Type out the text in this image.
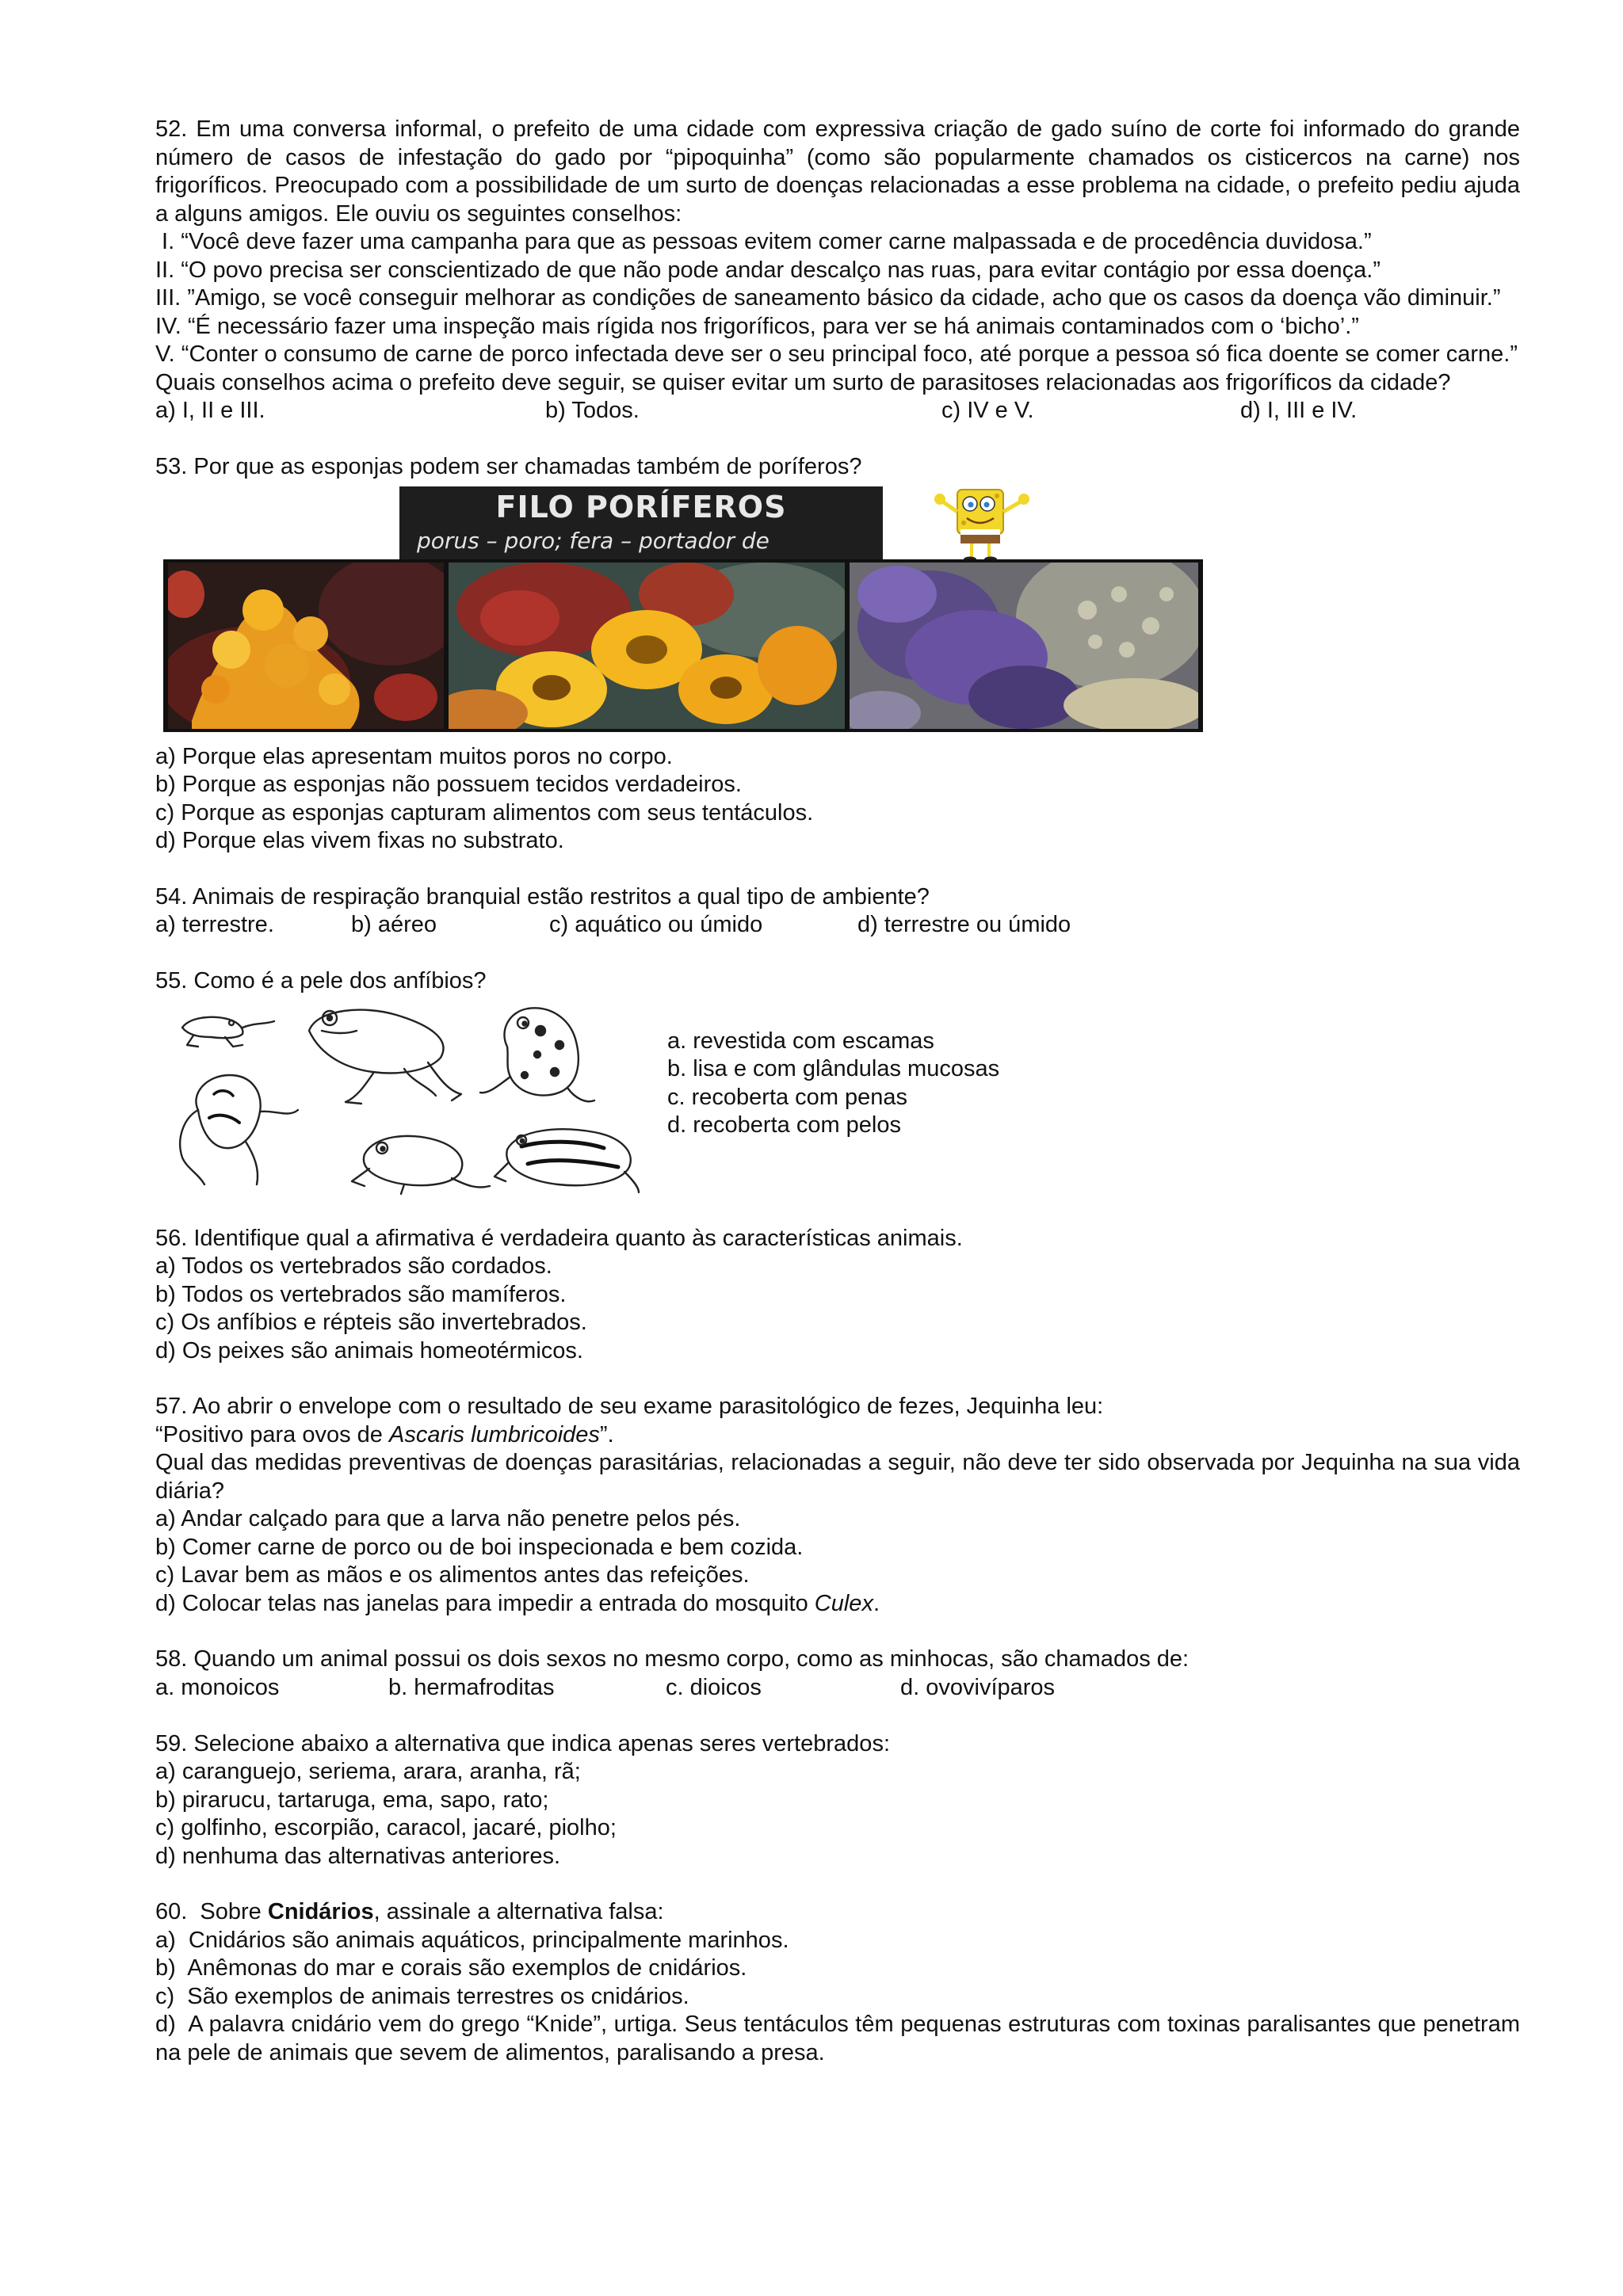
52. Em uma conversa informal, o prefeito de uma cidade com expressiva criação de gado suíno de corte foi informado do grande número de casos de infestação do gado por “pipoquinha” (como são popularmente chamados os cisticercos na carne) nos frigoríficos. Preocupado com a possibilidade de um surto de doenças relacionadas a esse problema na cidade, o prefeito pediu ajuda a alguns amigos. Ele ouviu os seguintes conselhos:

I. “Você deve fazer uma campanha para que as pessoas evitem comer carne malpassada e de procedência duvidosa.”

II. “O povo precisa ser conscientizado de que não pode andar descalço nas ruas, para evitar contágio por essa doença.”

III. ”Amigo, se você conseguir melhorar as condições de saneamento básico da cidade, acho que os casos da doença vão diminuir.”

IV. “É necessário fazer uma inspeção mais rígida nos frigoríficos, para ver se há animais contaminados com o ‘bicho’.”

V. “Conter o consumo de carne de porco infectada deve ser o seu principal foco, até porque a pessoa só fica doente se comer carne.”

Quais conselhos acima o prefeito deve seguir, se quiser evitar um surto de parasitoses relacionadas aos frigoríficos da cidade?

a) I, II e III.	b) Todos.	c) IV e V.	d) I, III e IV.

53. Por que as esponjas podem ser chamadas também de poríferos?

FILO PORÍFEROS
porus – poro; fera – portador de

a) Porque elas apresentam muitos poros no corpo.

b) Porque as esponjas não possuem tecidos verdadeiros.

c) Porque as esponjas capturam alimentos com seus tentáculos.

d) Porque elas vivem fixas no substrato.

54. Animais de respiração branquial estão restritos a qual tipo de ambiente?

a) terrestre.	b) aéreo	c) aquático ou úmido	d) terrestre ou úmido

55. Como é a pele dos anfíbios?

a. revestida com escamas

b. lisa e com glândulas mucosas

c. recoberta com penas

d. recoberta com pelos

56. Identifique qual a afirmativa é verdadeira quanto às características animais.

a) Todos os vertebrados são cordados.

b) Todos os vertebrados são mamíferos.

c) Os anfíbios e répteis são invertebrados.

d) Os peixes são animais homeotérmicos.

57. Ao abrir o envelope com o resultado de seu exame parasitológico de fezes, Jequinha leu:

“Positivo para ovos de Ascaris lumbricoides”.

Qual das medidas preventivas de doenças parasitárias, relacionadas a seguir, não deve ter sido observada por Jequinha na sua vida diária?

a) Andar calçado para que a larva não penetre pelos pés.

b) Comer carne de porco ou de boi inspecionada e bem cozida.

c) Lavar bem as mãos e os alimentos antes das refeições.

d) Colocar telas nas janelas para impedir a entrada do mosquito Culex.

58. Quando um animal possui os dois sexos no mesmo corpo, como as minhocas, são chamados de:

a. monoicos	b. hermafroditas	c. dioicos	d. ovovivíparos

59. Selecione abaixo a alternativa que indica apenas seres vertebrados:

a) caranguejo, seriema, arara, aranha, rã;

b) pirarucu, tartaruga, ema, sapo, rato;

c) golfinho, escorpião, caracol, jacaré, piolho;

d) nenhuma das alternativas anteriores.

60.  Sobre Cnidários, assinale a alternativa falsa:

a)  Cnidários são animais aquáticos, principalmente marinhos.

b)  Anêmonas do mar e corais são exemplos de cnidários.

c)  São exemplos de animais terrestres os cnidários.

d)  A palavra cnidário vem do grego “Knide”, urtiga. Seus tentáculos têm pequenas estruturas com toxinas paralisantes que penetram na pele de animais que sevem de alimentos, paralisando a presa.
